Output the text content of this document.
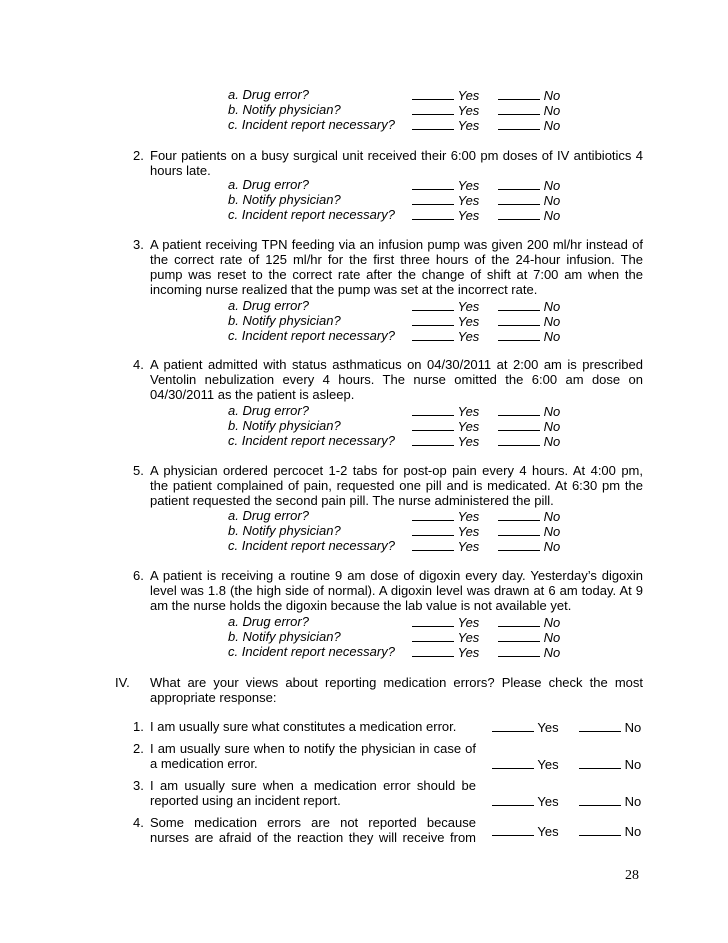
a. Drug error?	Yes	No
b. Notify physician?	Yes	No
c. Incident report necessary?	Yes	No
2. Four patients on a busy surgical unit received their 6:00 pm doses of IV antibiotics 4
hours late.
a. Drug error?	Yes	No
b. Notify physician?	Yes	No
c. Incident report necessary?	Yes	No
3. A patient receiving TPN feeding via an infusion pump was given 200 ml/hr instead of
the correct rate of 125 ml/hr for the first three hours of the 24-hour infusion. The
pump was reset to the correct rate after the change of shift at 7:00 am when the
incoming nurse realized that the pump was set at the incorrect rate.
a. Drug error?	Yes	No
b. Notify physician?	Yes	No
c. Incident report necessary?	Yes	No
4. A patient admitted with status asthmaticus on 04/30/2011 at 2:00 am is prescribed
Ventolin nebulization every 4 hours. The nurse omitted the 6:00 am dose on
04/30/2011 as the patient is asleep.
a. Drug error?	Yes	No
b. Notify physician?	Yes	No
c. Incident report necessary?	Yes	No
5. A physician ordered percocet 1-2 tabs for post-op pain every 4 hours. At 4:00 pm,
the patient complained of pain, requested one pill and is medicated. At 6:30 pm the
patient requested the second pain pill. The nurse administered the pill.
a. Drug error?	Yes	No
b. Notify physician?	Yes	No
c. Incident report necessary?	Yes	No
6. A patient is receiving a routine 9 am dose of digoxin every day. Yesterday’s digoxin
level was 1.8 (the high side of normal). A digoxin level was drawn at 6 am today. At 9
am the nurse holds the digoxin because the lab value is not available yet.
a. Drug error?	Yes	No
b. Notify physician?	Yes	No
c. Incident report necessary?	Yes	No
IV. What are your views about reporting medication errors? Please check the most
appropriate response:
1. I am usually sure what constitutes a medication error.	Yes	No
2. I am usually sure when to notify the physician in case of
a medication error.	Yes	No
3. I am usually sure when a medication error should be
reported using an incident report.	Yes	No
4. Some medication errors are not reported because
nurses are afraid of the reaction they will receive from	Yes	No
28
